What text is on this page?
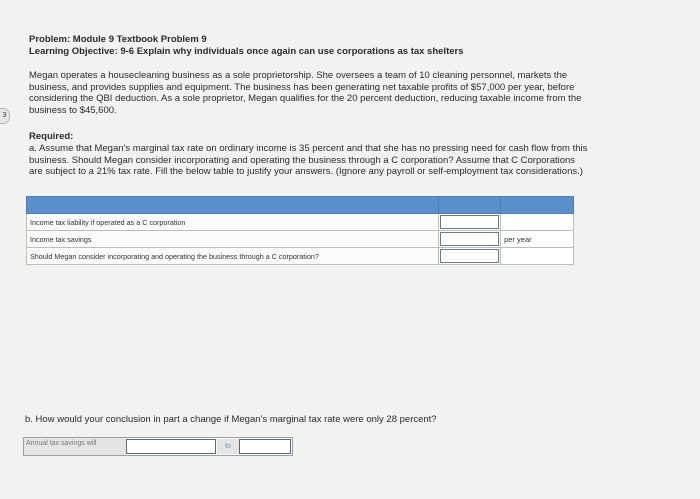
3
Problem: Module 9 Textbook Problem 9
Learning Objective: 9-6 Explain why individuals once again can use corporations as tax shelters
Megan operates a housecleaning business as a sole proprietorship. She oversees a team of 10 cleaning personnel, markets the
business, and provides supplies and equipment. The business has been generating net taxable profits of $57,000 per year, before
considering the QBI deduction. As a sole proprietor, Megan qualifies for the 20 percent deduction, reducing taxable income from the
business to $45,600.
Required:
a. Assume that Megan's marginal tax rate on ordinary income is 35 percent and that she has no pressing need for cash flow from this
business. Should Megan consider incorporating and operating the business through a C corporation? Assume that C Corporations
are subject to a 21% tax rate. Fill the below table to justify your answers. (Ignore any payroll or self-employment tax considerations.)

Income tax liability if operated as a C corporation	

Income tax savings		per year
Should Megan consider incorporating and operating the business through a C corporation?	

b. How would your conclusion in part a change if Megan's marginal tax rate were only 28 percent?
Annual tax savings will	to
